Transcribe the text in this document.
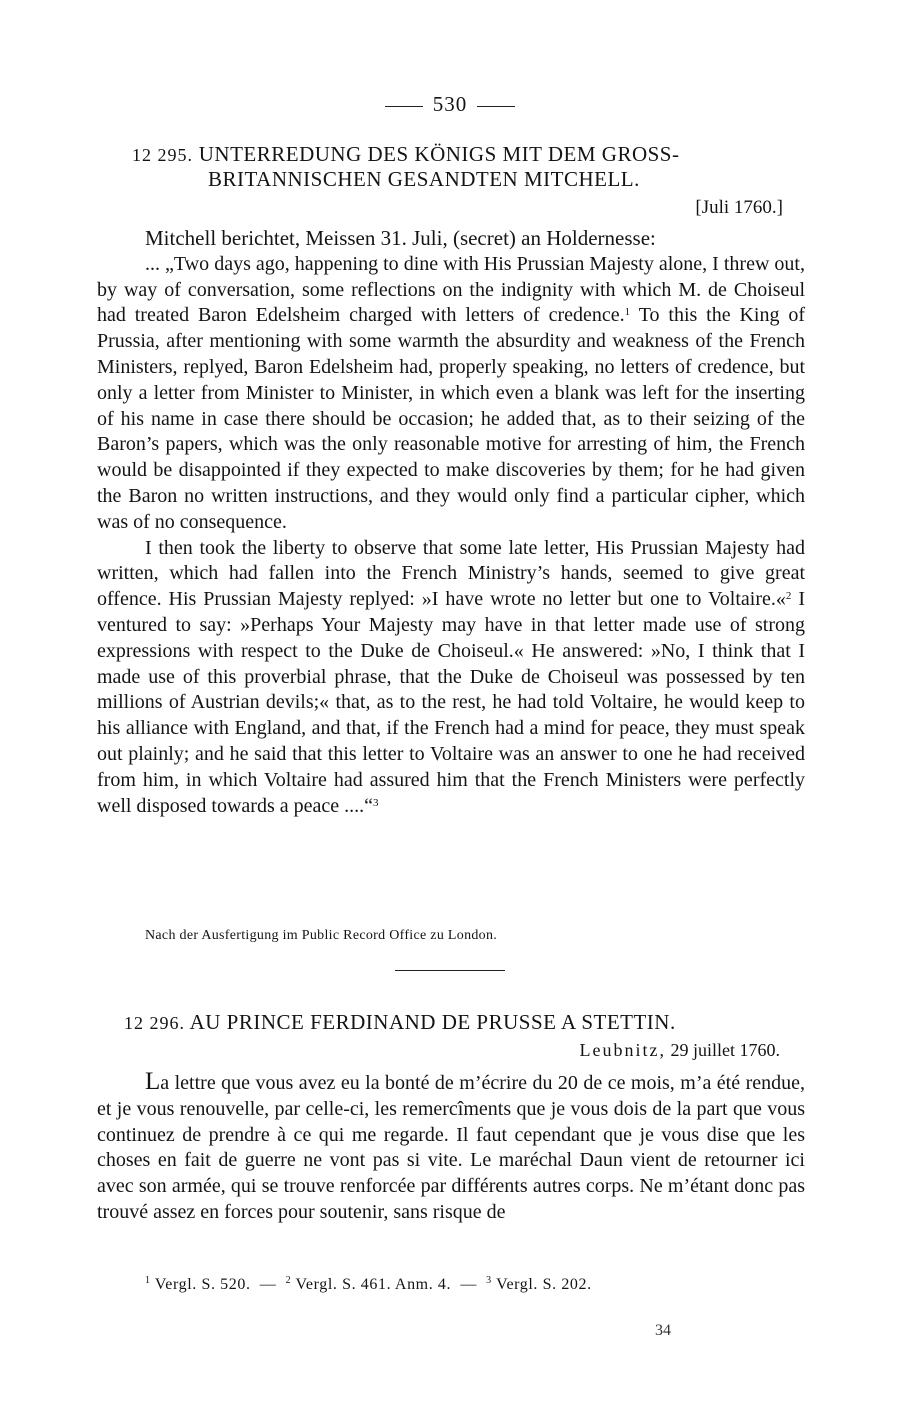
530
12 295. UNTERREDUNG DES KÖNIGS MIT DEM GROSS-
BRITANNISCHEN GESANDTEN MITCHELL.
[Juli 1760.]

Mitchell berichtet, Meissen 31. Juli, (secret) an Holdernesse:

... „Two days ago, happening to dine with His Prussian Majesty alone, I threw out, by way of conversation, some reflections on the indignity with which M. de Choiseul had treated Baron Edelsheim charged with letters of credence.$^1$ To this the King of Prussia, after mentioning with some warmth the absurdity and weakness of the French Ministers, replyed, Baron Edelsheim had, properly speaking, no letters of credence, but only a letter from Minister to Minister, in which even a blank was left for the inserting of his name in case there should be occasion; he added that, as to their seizing of the Baron’s papers, which was the only reasonable motive for arresting of him, the French would be disappointed if they expected to make discoveries by them; for he had given the Baron no written instructions, and they would only find a particular cipher, which was of no consequence.

I then took the liberty to observe that some late letter, His Prussian Majesty had written, which had fallen into the French Ministry’s hands, seemed to give great offence. His Prussian Majesty replyed: »I have wrote no letter but one to Voltaire.«$^2$ I ventured to say: »Perhaps Your Majesty may have in that letter made use of strong expressions with respect to the Duke de Choiseul.« He answered: »No, I think that I made use of this proverbial phrase, that the Duke de Choiseul was possessed by ten millions of Austrian devils;« that, as to the rest, he had told Voltaire, he would keep to his alliance with England, and that, if the French had a mind for peace, they must speak out plainly; and he said that this letter to Voltaire was an answer to one he had received from him, in which Voltaire had assured him that the French Ministers were perfectly well disposed towards a peace ....“$^3$

Nach der Ausfertigung im Public Record Office zu London.
12 296. AU PRINCE FERDINAND DE PRUSSE A STETTIN.
Leubnitz, 29 juillet 1760.

La lettre que vous avez eu la bonté de m’écrire du 20 de ce mois, m’a été rendue, et je vous renouvelle, par celle-ci, les remercîments que je vous dois de la part que vous continuez de prendre à ce qui me regarde. Il faut cependant que je vous dise que les choses en fait de guerre ne vont pas si vite. Le maréchal Daun vient de retourner ici avec son armée, qui se trouve renforcée par différents autres corps. Ne m’étant donc pas trouvé assez en forces pour soutenir, sans risque de

$^1$ Vergl. S. 520. — $^2$ Vergl. S. 461. Anm. 4. — $^3$ Vergl. S. 202.
34
